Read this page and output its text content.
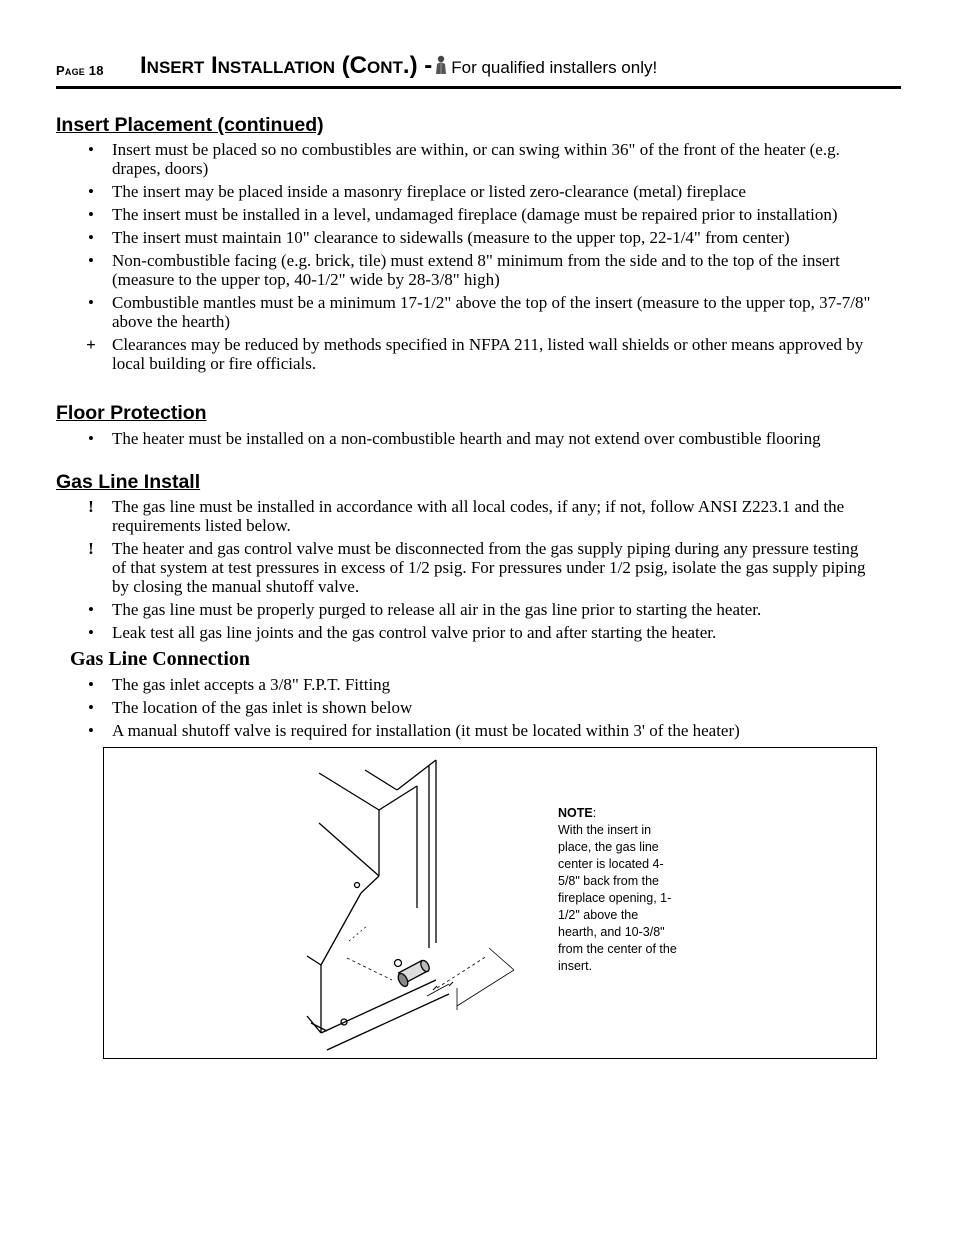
Page 18 Insert Installation (Cont.) - For qualified installers only!
Insert Placement (continued)
• Insert must be placed so no combustibles are within, or can swing within 36" of the front of the heater (e.g. drapes, doors)
• The insert may be placed inside a masonry fireplace or listed zero-clearance (metal) fireplace
• The insert must be installed in a level, undamaged fireplace (damage must be repaired prior to installation)
• The insert must maintain 10" clearance to sidewalls (measure to the upper top, 22-1/4" from center)
• Non-combustible facing (e.g. brick, tile) must extend 8" minimum from the side and to the top of the insert (measure to the upper top, 40-1/2" wide by 28-3/8" high)
• Combustible mantles must be a minimum 17-1/2" above the top of the insert (measure to the upper top, 37-7/8" above the hearth)
+ Clearances may be reduced by methods specified in NFPA 211, listed wall shields or other means approved by local building or fire officials.
Floor Protection
• The heater must be installed on a non-combustible hearth and may not extend over combustible flooring
Gas Line Install
! The gas line must be installed in accordance with all local codes, if any; if not, follow ANSI Z223.1 and the requirements listed below.
! The heater and gas control valve must be disconnected from the gas supply piping during any pressure testing of that system at test pressures in excess of 1/2 psig. For pressures under 1/2 psig, isolate the gas supply piping by closing the manual shutoff valve.
• The gas line must be properly purged to release all air in the gas line prior to starting the heater.
• Leak test all gas line joints and the gas control valve prior to and after starting the heater.
Gas Line Connection
• The gas inlet accepts a 3/8" F.P.T. Fitting
• The location of the gas inlet is shown below
• A manual shutoff valve is required for installation (it must be located within 3' of the heater)
NOTE:
With the insert in place, the gas line center is located 4-5/8" back from the fireplace opening, 1-1/2" above the hearth, and 10-3/8" from the center of the insert.
